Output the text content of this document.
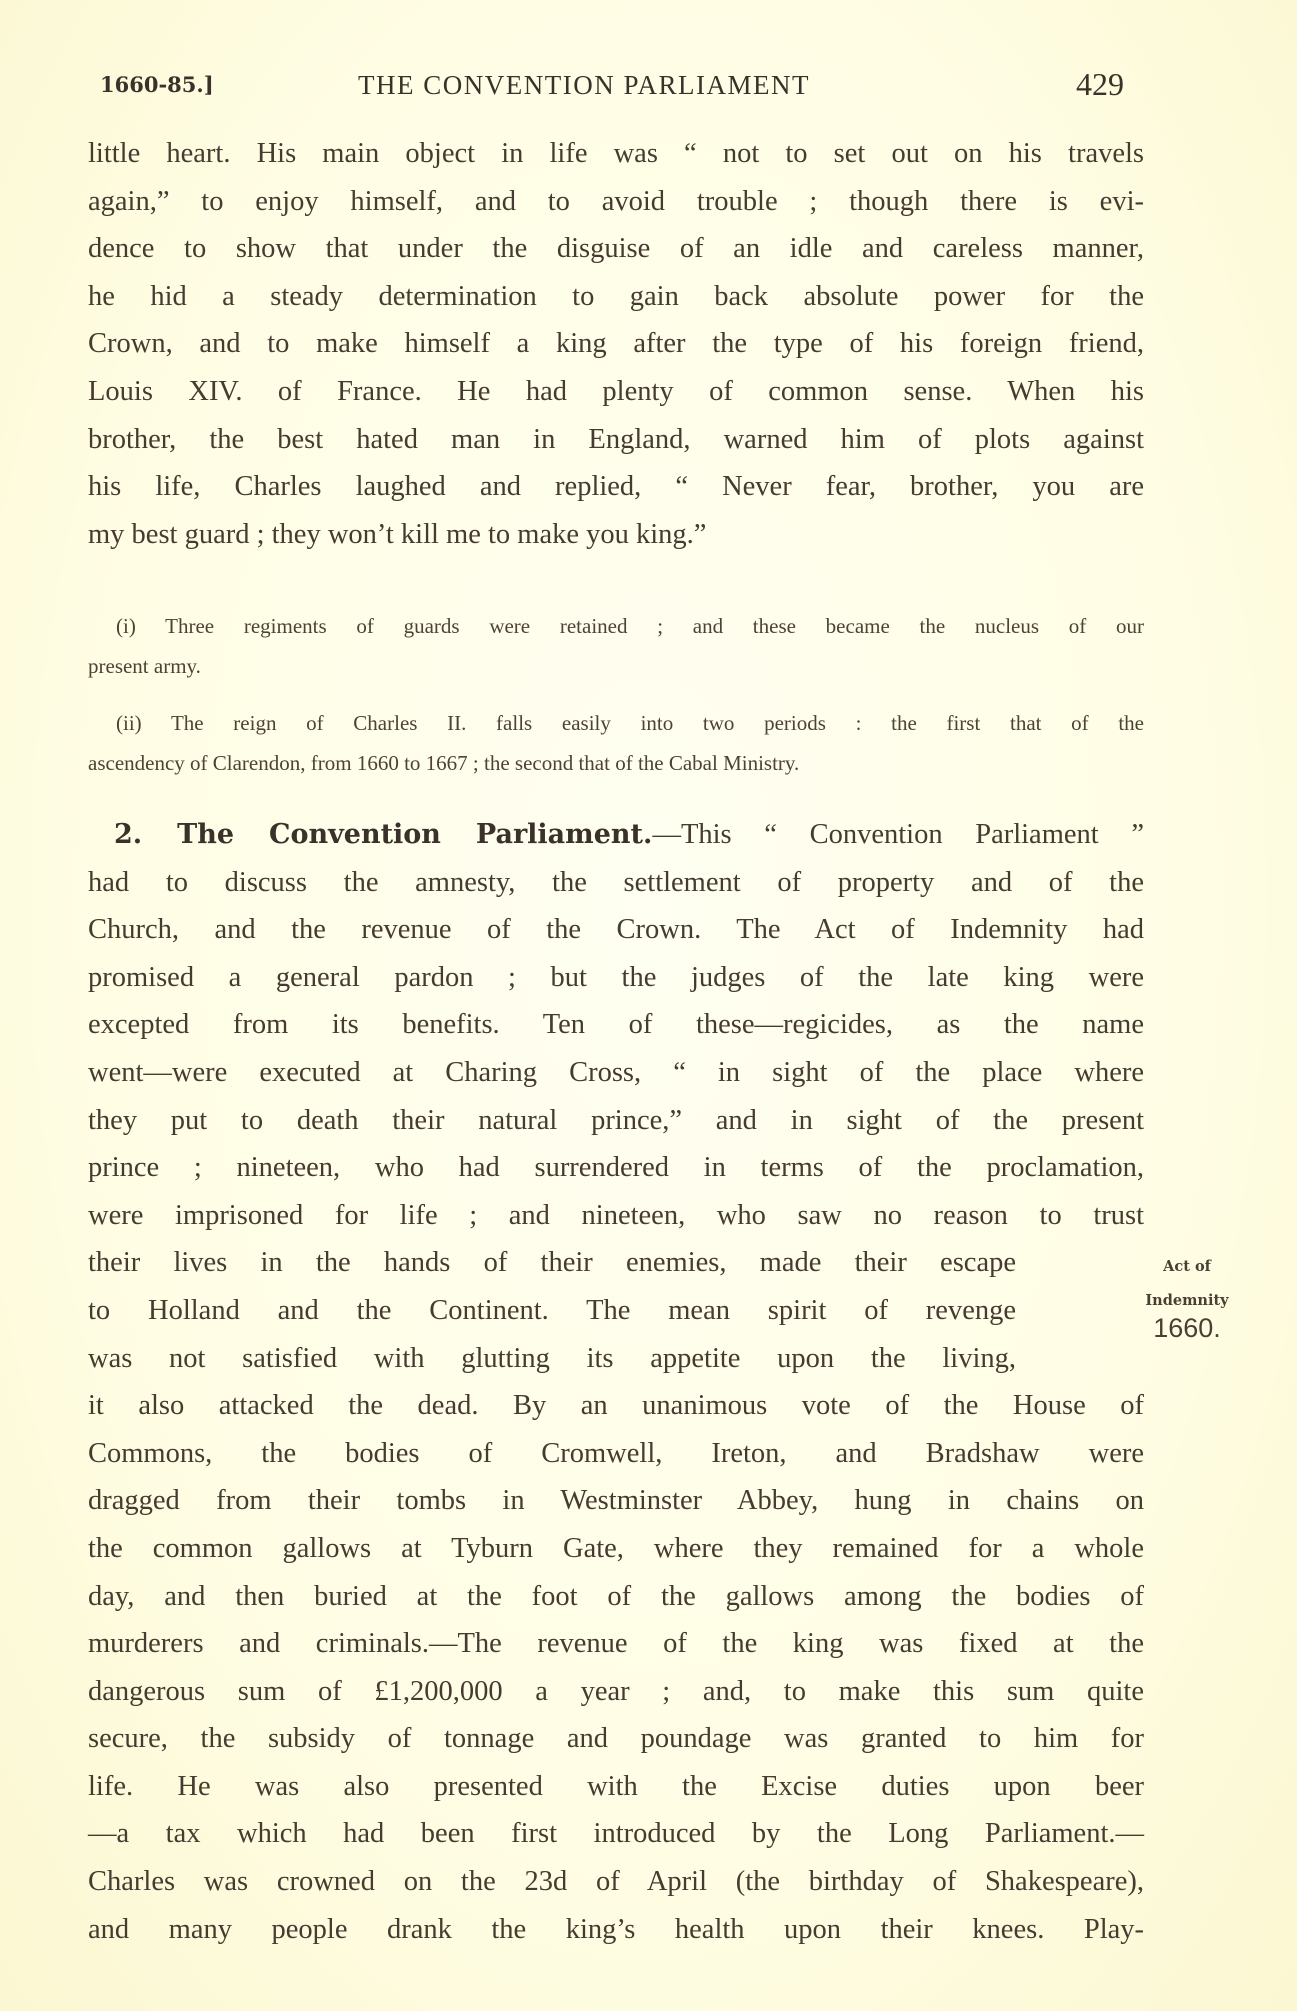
1660-85.]	THE CONVENTION PARLIAMENT	429
little heart. His main object in life was “ not to set out on his travels
again,” to enjoy himself, and to avoid trouble ; though there is evi-
dence to show that under the disguise of an idle and careless manner,
he hid a steady determination to gain back absolute power for the
Crown, and to make himself a king after the type of his foreign friend,
Louis XIV. of France. He had plenty of common sense. When his
brother, the best hated man in England, warned him of plots against
his life, Charles laughed and replied, “ Never fear, brother, you are
my best guard ; they won’t kill me to make you king.”
(i) Three regiments of guards were retained ; and these became the nucleus of our
present army.
(ii) The reign of Charles II. falls easily into two periods : the first that of the
ascendency of Clarendon, from 1660 to 1667 ; the second that of the Cabal Ministry.
2. The Convention Parliament.—This “ Convention Parliament ”
had to discuss the amnesty, the settlement of property and of the
Church, and the revenue of the Crown. The Act of Indemnity had
promised a general pardon ; but the judges of the late king were
excepted from its benefits. Ten of these—regicides, as the name
went—were executed at Charing Cross, “ in sight of the place where
they put to death their natural prince,” and in sight of the present
prince ; nineteen, who had surrendered in terms of the proclamation,
were imprisoned for life ; and nineteen, who saw no reason to trust
their lives in the hands of their enemies, made their escape
to Holland and the Continent. The mean spirit of revenge
was not satisfied with glutting its appetite upon the living,
it also attacked the dead. By an unanimous vote of the House of
Commons, the bodies of Cromwell, Ireton, and Bradshaw were
dragged from their tombs in Westminster Abbey, hung in chains on
the common gallows at Tyburn Gate, where they remained for a whole
day, and then buried at the foot of the gallows among the bodies of
murderers and criminals.—The revenue of the king was fixed at the
dangerous sum of £1,200,000 a year ; and, to make this sum quite
secure, the subsidy of tonnage and poundage was granted to him for
life. He was also presented with the Excise duties upon beer
—a tax which had been first introduced by the Long Parliament.—
Charles was crowned on the 23d of April (the birthday of Shakespeare),
and many people drank the king’s health upon their knees. Play-
Act of
Indemnity
1660.
